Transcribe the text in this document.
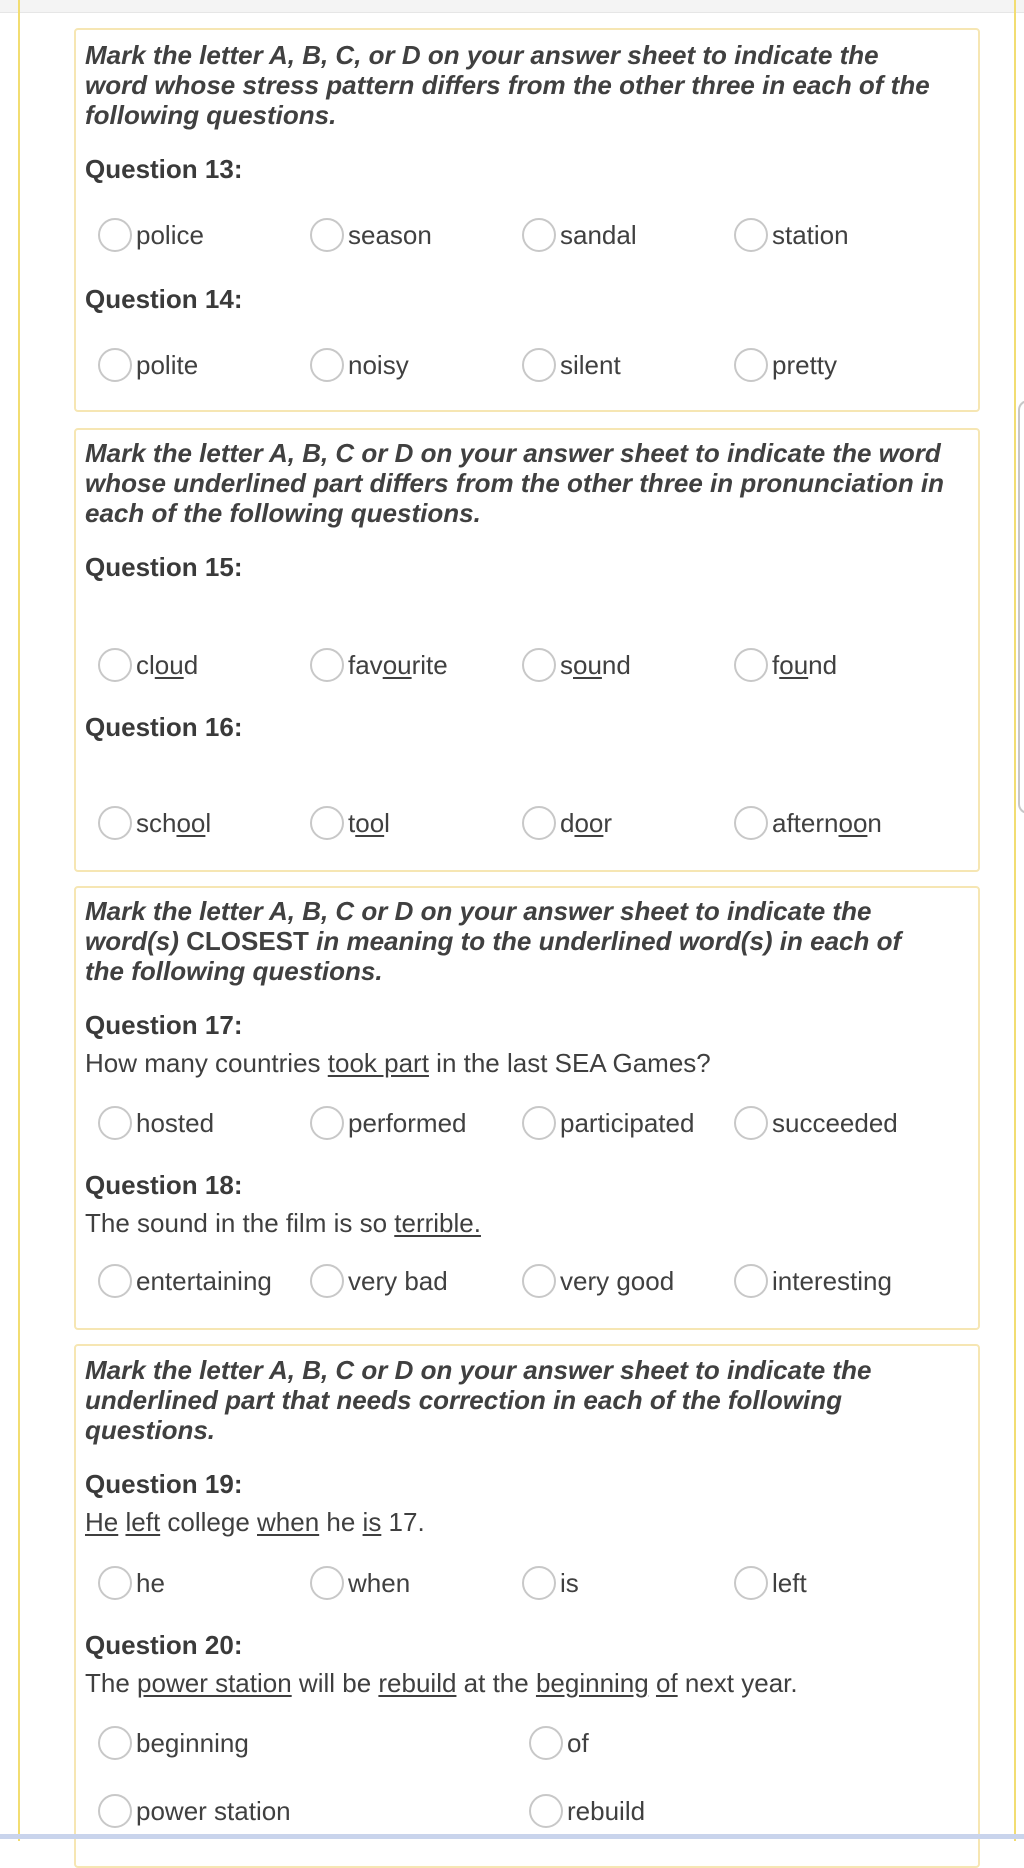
Mark the letter A, B, C, or D on your answer sheet to indicate the word whose stress pattern differs from the other three in each of the following questions.
Question 13:
police	season	sandal	station
Question 14:
polite	noisy	silent	pretty
Mark the letter A, B, C or D on your answer sheet to indicate the word whose underlined part differs from the other three in pronunciation in each of the following questions.
Question 15:
cloud	favourite	sound	found
Question 16:
school	tool	door	afternoon
Mark the letter A, B, C or D on your answer sheet to indicate the word(s) CLOSEST in meaning to the underlined word(s) in each of the following questions.
Question 17:
How many countries took part in the last SEA Games?
hosted	performed	participated	succeeded
Question 18:
The sound in the film is so terrible.
entertaining	very bad	very good	interesting
Mark the letter A, B, C or D on your answer sheet to indicate the underlined part that needs correction in each of the following questions.
Question 19:
He left college when he is 17.
he	when	is	left
Question 20:
The power station will be rebuild at the beginning of next year.
beginning	of
power station	rebuild
